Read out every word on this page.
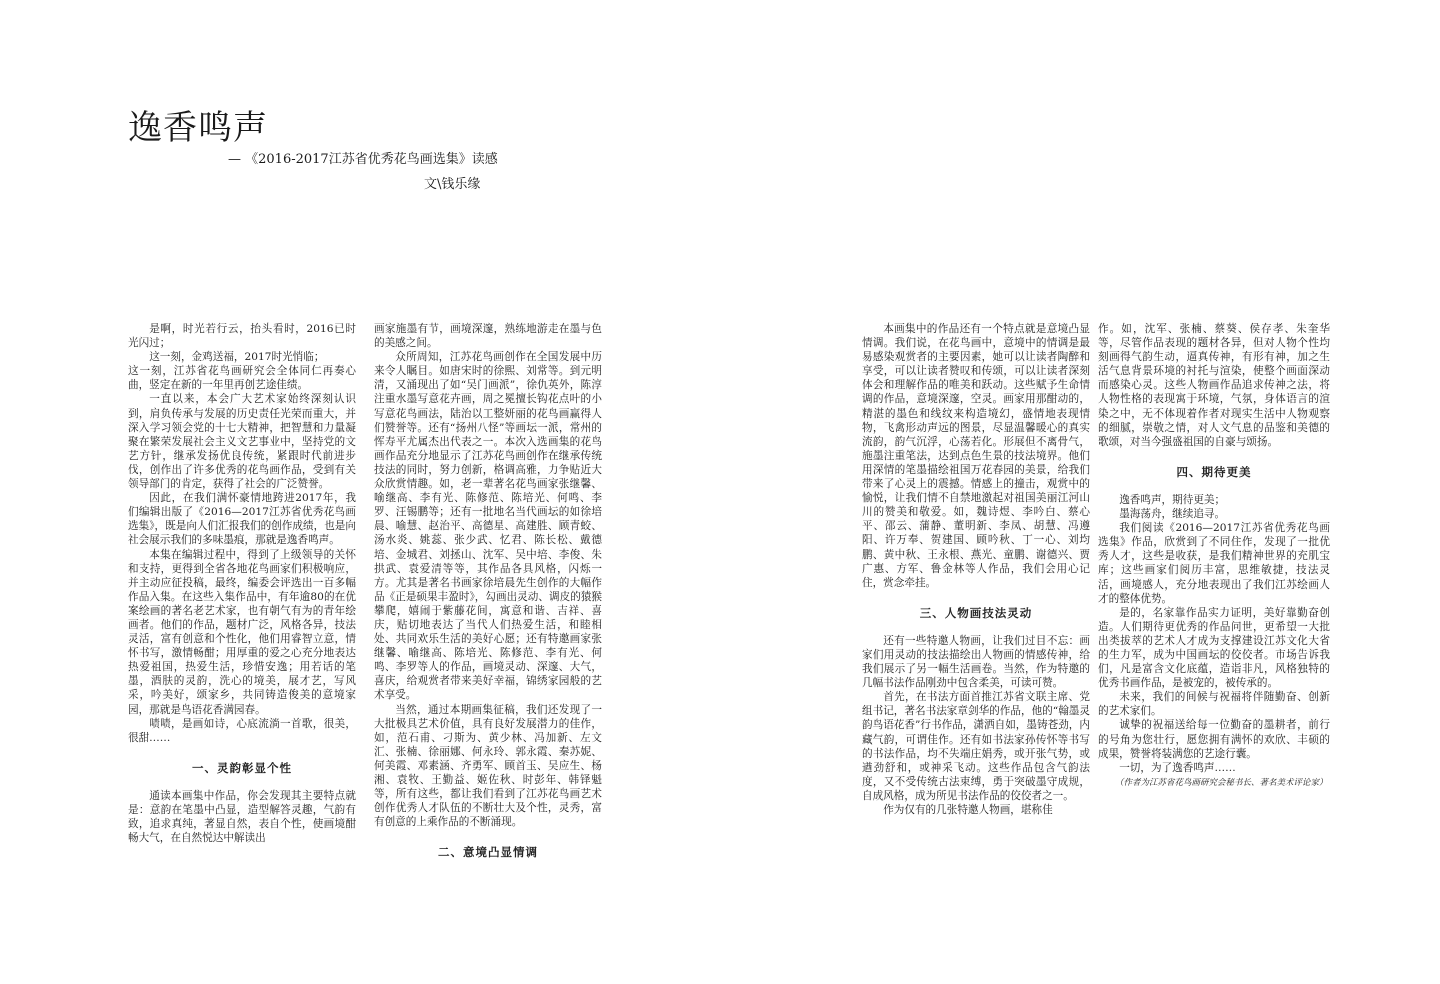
逸香鸣声
— 《2016-2017江苏省优秀花鸟画选集》读感
文\钱乐缘

是啊，时光若行云，抬头看时，2016已时光闪过；

这一刻，金鸡送福，2017时光悄临；

这一刻，江苏省花鸟画研究会全体同仁再奏心曲，竖定在新的一年里再创艺途佳绩。

一直以来，本会广大艺术家始终深刻认识到，肩负传承与发展的历史责任光荣而重大，并深入学习领会党的十七大精神，把智慧和力量凝聚在繁荣发展社会主义文艺事业中，坚持党的文艺方针，继承发扬优良传统，紧跟时代前进步伐，创作出了许多优秀的花鸟画作品，受到有关领导部门的肯定，获得了社会的广泛赞誉。

因此，在我们满怀豪情地跨进2017年，我们编辑出版了《2016—2017江苏省优秀花鸟画选集》，既是向人们汇报我们的创作成绩，也是向社会展示我们的多味墨痕，那就是逸香鸣声。

本集在编辑过程中，得到了上级领导的关怀和支持，更得到全省各地花鸟画家们积极响应，并主动应征投稿，最终，编委会评选出一百多幅作品入集。在这些入集作品中，有年逾80的在优案绘画的著名老艺术家，也有朝气有为的青年绘画者。他们的作品，题材广泛，风格各异，技法灵活，富有创意和个性化，他们用睿智立意，情怀书写，激情畅酣；用厚重的爱之心充分地表达热爱祖国，热爱生活，珍惜安逸；用若话的笔墨，酒肤的灵韵，洗心的境美，展才艺，写风采，吟美好，颂家乡，共同铸造俊美的意境家园，那就是鸟语花香满园春。

啧啧，是画如诗，心底流淌一首歌，很美，很甜……

一、灵韵彰显个性

通读本画集中作品，你会发现其主要特点就是：意韵在笔墨中凸显，造型解答灵趣，气韵有致，追求真纯，著显自然，表自个性，使画境酣畅大气，在自然悦达中解读出

画家施墨有节，画境深邃，熟练地游走在墨与色的美感之间。

众所周知，江苏花鸟画创作在全国发展中历来令人瞩目。如唐宋时的徐熙、刘常等。到元明清，又涌现出了如“吴门画派”，徐仇英外，陈淳注重水墨写意花卉画，周之冕擅长钩花点叶的小写意花鸟画法，陆治以工整妍丽的花鸟画赢得人们赞誉等。还有“扬州八怪”等画坛一派，常州的恽寿平尤属杰出代表之一。本次入选画集的花鸟画作品充分地显示了江苏花鸟画创作在继承传统技法的同时，努力创新，格调高雅，力争贴近大众欣赏情趣。如，老一辈著名花鸟画家张继馨、喻继高、李有光、陈修范、陈培光、何鸣、李罗、汪锡鹏等；还有一批地名当代画坛的如徐培晨、喻慧、赵治平、高德星、高建胜、顾青蛟、汤水炎、姚蕊、张少武、忆君、陈长松、戴德培、金城君、刘拯山、沈军、吴中培、李俊、朱拱武、袁爱清等等，其作品各具风格，闪烁一方。尤其是著名书画家徐培晨先生创作的大幅作品《正是硕果丰盈时》，勾画出灵动、调皮的猿猴攀爬，嬉闹于紫藤花间，寓意和谐、吉祥、喜庆，贴切地表达了当代人们热爱生活，和睦相处、共同欢乐生活的美好心愿；还有特邀画家张继馨、喻继高、陈培光、陈修范、李有光、何鸣、李罗等人的作品，画境灵动、深邃、大气，喜庆，给观赏者带来美好幸福，锦绣家园般的艺术享受。

当然，通过本期画集征稿，我们还发现了一大批极具艺术价值，具有良好发展潜力的佳作，如，范石甫、刁斯为、黄少林、冯加新、左文汇、张楠、徐丽娜、何永玲、郭永霞、秦苏妮、何美霞、邓素涵、齐勇军、顾首玉、吴应生、杨湘、袁牧、王勤益、姬佐秋、时彭年、韩铎魁等，所有这些，都让我们看到了江苏花鸟画艺术创作优秀人才队伍的不断壮大及个性，灵秀，富有创意的上乘作品的不断涌现。

二、意境凸显情调

本画集中的作品还有一个特点就是意境凸显情调。我们说，在花鸟画中，意境中的情调是最易感染观赏者的主要因素，她可以让读者陶醉和享受，可以让读者赞叹和传颂，可以让读者深刻体会和理解作品的唯美和跃动。这些赋予生命情调的作品，意境深邃，空灵。画家用那酣动的，精湛的墨色和线纹来构造境幻，盛情地表现情物，飞禽形动声远的图景，尽显温馨暖心的真实流韵，韵气沉浮，心荡若化。形展但不离骨气，施墨注重笔法，达到点色生景的技法境界。他们用深情的笔墨描绘祖国万花春园的美景，给我们带来了心灵上的震撼。情感上的撞击，观赏中的愉悦，让我们情不自禁地激起对祖国美丽江河山川的赞美和敬爱。如，魏诗煜、李吟白、蔡心平、邵云、蒲静、董明新、李凤、胡慧、冯遵阳、许万奉、贺建国、顾吟秋、丁一心、刘均鹏、黄中秋、王永根、燕光、童鹏、谢德兴、贾广惠、方军、鲁金林等人作品，我们会用心记住，赏念牵挂。

三、人物画技法灵动

还有一些特邀人物画，让我们过目不忘：画家们用灵动的技法描绘出人物画的情感传神，给我们展示了另一幅生活画卷。当然，作为特邀的几幅书法作品刚劲中包含柔美，可读可赞。

首先，在书法方面首推江苏省文联主席、党组书记，著名书法家章剑华的作品，他的“翰墨灵韵鸟语花香”行书作品，潇洒自如，墨铸苍劲，内藏气韵，可谓佳作。还有如书法家孙传怀等书写的书法作品，均不失端庄娟秀，或开张气势，或遒劲舒和，或神采飞动。这些作品包含气韵法度，又不受传统古法束缚，勇于突破墨守成规，自成风格，成为所见书法作品的佼佼者之一。

作为仅有的几张特邀人物画，堪称佳

作。如，沈军、张楠、蔡葵、侯存孝、朱奎华等，尽管作品表现的题材各异，但对人物个性均刻画得气韵生动，逼真传神，有形有神，加之生活气息背景环境的衬托与渲染，使整个画面深动而感染心灵。这些人物画作品追求传神之法，将人物性格的表现寓于环境，气氛，身体语言的渲染之中，无不体现着作者对现实生活中人物观察的细腻，崇敬之情，对人文气息的品鉴和美德的歌颂，对当今强盛祖国的自豪与颂扬。

四、期待更美

逸香鸣声，期待更美；

墨海荡舟，继续追寻。

我们阅读《2016—2017江苏省优秀花鸟画选集》作品，欣赏到了不同住作，发现了一批优秀人才，这些是收获，是我们精神世界的充肌宝库；这些画家们阅历丰富，思维敏捷，技法灵活，画境感人，充分地表现出了我们江苏绘画人才的整体优势。

是的，名家靠作品实力证明，美好靠勤奋创造。人们期待更优秀的作品问世，更希望一大批出类拔萃的艺术人才成为支撑建设江苏文化大省的生力军，成为中国画坛的佼佼者。市场告诉我们，凡是富含文化底蕴，造诣非凡，风格独特的优秀书画作品，是被宠的，被传承的。

未来，我们的间候与祝福将伴随勤奋、创新的艺术家们。

诚挚的祝福送给每一位勤奋的墨耕者，前行的号角为您壮行，愿您拥有满怀的欢欣、丰硕的成果，赞誉将装满您的艺途行囊。

一切，为了逸香鸣声……

（作者为江苏省花鸟画研究会秘书长、著名美术评论家）
